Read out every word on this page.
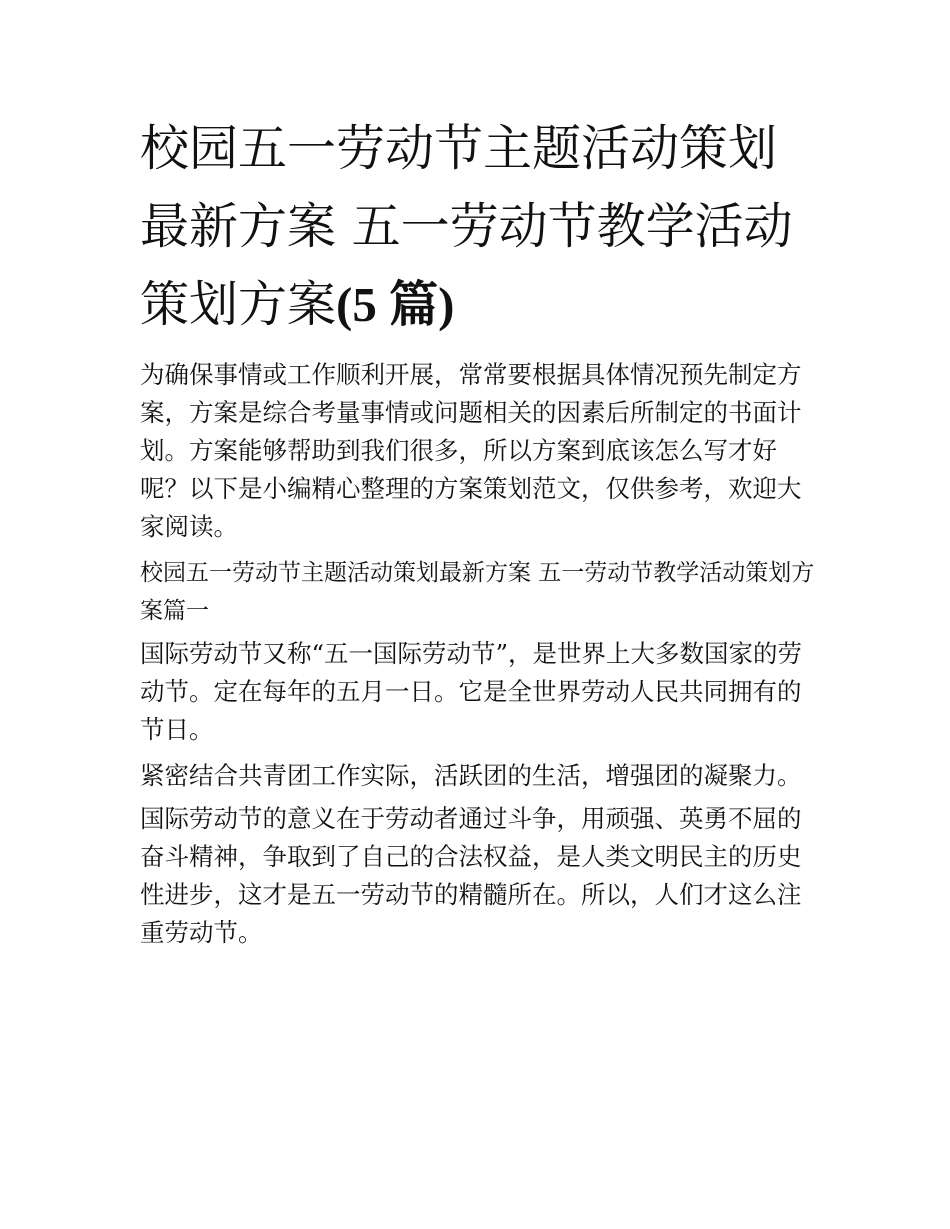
校园五一劳动节主题活动策划最新方案 五一劳动节教学活动策划方案(5 篇)

为确保事情或工作顺利开展，常常要根据具体情况预先制定方案，方案是综合考量事情或问题相关的因素后所制定的书面计划。方案能够帮助到我们很多，所以方案到底该怎么写才好呢？以下是小编精心整理的方案策划范文，仅供参考，欢迎大家阅读。

校园五一劳动节主题活动策划最新方案 五一劳动节教学活动策划方案篇一

国际劳动节又称“五一国际劳动节”，是世界上大多数国家的劳动节。定在每年的五月一日。它是全世界劳动人民共同拥有的节日。

紧密结合共青团工作实际，活跃团的生活，增强团的凝聚力。

国际劳动节的意义在于劳动者通过斗争，用顽强、英勇不屈的奋斗精神，争取到了自己的合法权益，是人类文明民主的历史性进步，这才是五一劳动节的精髓所在。所以，人们才这么注重劳动节。
